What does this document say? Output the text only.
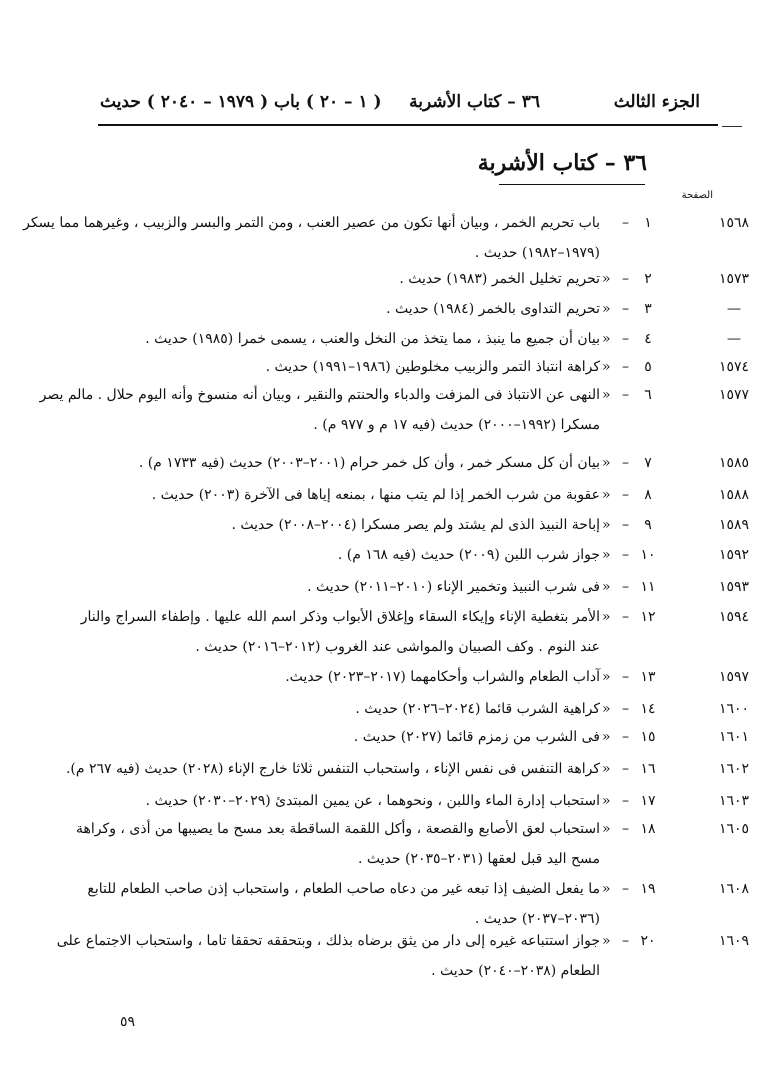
الجزء الثالث
٣٦ – كتاب الأشربة
( ١ – ٢٠ ) باب ( ١٩٧٩ – ٢٠٤٠ ) حديث
٣٦ – كتاب الأشربة
الصفحة
١٥٦٨
١
–
باب تحريم الخمر ، وبيان أنها تكون من عصير العنب ، ومن التمر والبسر والزبيب ، وغيرهما مما يسكر
(١٩٧٩–١٩٨٢) حديث .
١٥٧٣
٢
–
«
تحريم تخليل الخمر (١٩٨٣) حديث .
—
٣
–
«
تحريم التداوى بالخمر (١٩٨٤) حديث .
—
٤
–
«
بيان أن جميع ما ينبذ ، مما يتخذ من النخل والعنب ، يسمى خمرا (١٩٨٥) حديث .
١٥٧٤
٥
–
«
كراهة انتباذ التمر والزبيب مخلوطين (١٩٨٦–١٩٩١) حديث .
١٥٧٧
٦
–
«
النهى عن الانتباذ فى المزفت والدباء والحنتم والنقير ، وبيان أنه منسوخ وأنه اليوم حلال . مالم يصر
مسكرا (١٩٩٢–٢٠٠٠) حديث (فيه ١٧ م و ٩٧٧ م) .
١٥٨٥
٧
–
«
بيان أن كل مسكر خمر ، وأن كل خمر حرام (٢٠٠١–٢٠٠٣) حديث (فيه ١٧٣٣ م) .
١٥٨٨
٨
–
«
عقوبة من شرب الخمر إذا لم يتب منها ، بمنعه إياها فى الآخرة (٢٠٠٣) حديث .
١٥٨٩
٩
–
«
إباحة النبيذ الذى لم يشتد ولم يصر مسكرا (٢٠٠٤–٢٠٠٨) حديث .
١٥٩٢
١٠
–
«
جواز شرب اللبن (٢٠٠٩) حديث (فيه ١٦٨ م) .
١٥٩٣
١١
–
«
فى شرب النبيذ وتخمير الإناء (٢٠١٠–٢٠١١) حديث .
١٥٩٤
١٢
–
«
الأمر بتغطية الإناء وإيكاء السقاء وإغلاق الأبواب وذكر اسم الله عليها . وإطفاء السراج والنار
عند النوم . وكف الصبيان والمواشى عند الغروب (٢٠١٢–٢٠١٦) حديث .
١٥٩٧
١٣
–
«
آداب الطعام والشراب وأحكامهما (٢٠١٧–٢٠٢٣) حديث.
١٦٠٠
١٤
–
«
كراهية الشرب قائما (٢٠٢٤–٢٠٢٦) حديث .
١٦٠١
١٥
–
«
فى الشرب من زمزم قائما (٢٠٢٧) حديث .
١٦٠٢
١٦
–
«
كراهة التنفس فى نفس الإناء ، واستحباب التنفس ثلاثا خارج الإناء (٢٠٢٨) حديث (فيه ٢٦٧ م).
١٦٠٣
١٧
–
«
استحباب إدارة الماء واللبن ، ونحوهما ، عن يمين المبتدئ (٢٠٢٩–٢٠٣٠) حديث .
١٦٠٥
١٨
–
«
استحباب لعق الأصابع والقصعة ، وأكل اللقمة الساقطة بعد مسح ما يصيبها من أذى ، وكراهة
مسح اليد قبل لعقها (٢٠٣١–٢٠٣٥) حديث .
١٦٠٨
١٩
–
«
ما يفعل الضيف إذا تبعه غير من دعاه صاحب الطعام ، واستحباب إذن صاحب الطعام للتابع
(٢٠٣٦–٢٠٣٧) حديث .
١٦٠٩
٢٠
–
«
جواز استتباعه غيره إلى دار من يثق برضاه بذلك ، وبتحققه تحققا تاما ، واستحباب الاجتماع على
الطعام (٢٠٣٨–٢٠٤٠) حديث .
٥٩
